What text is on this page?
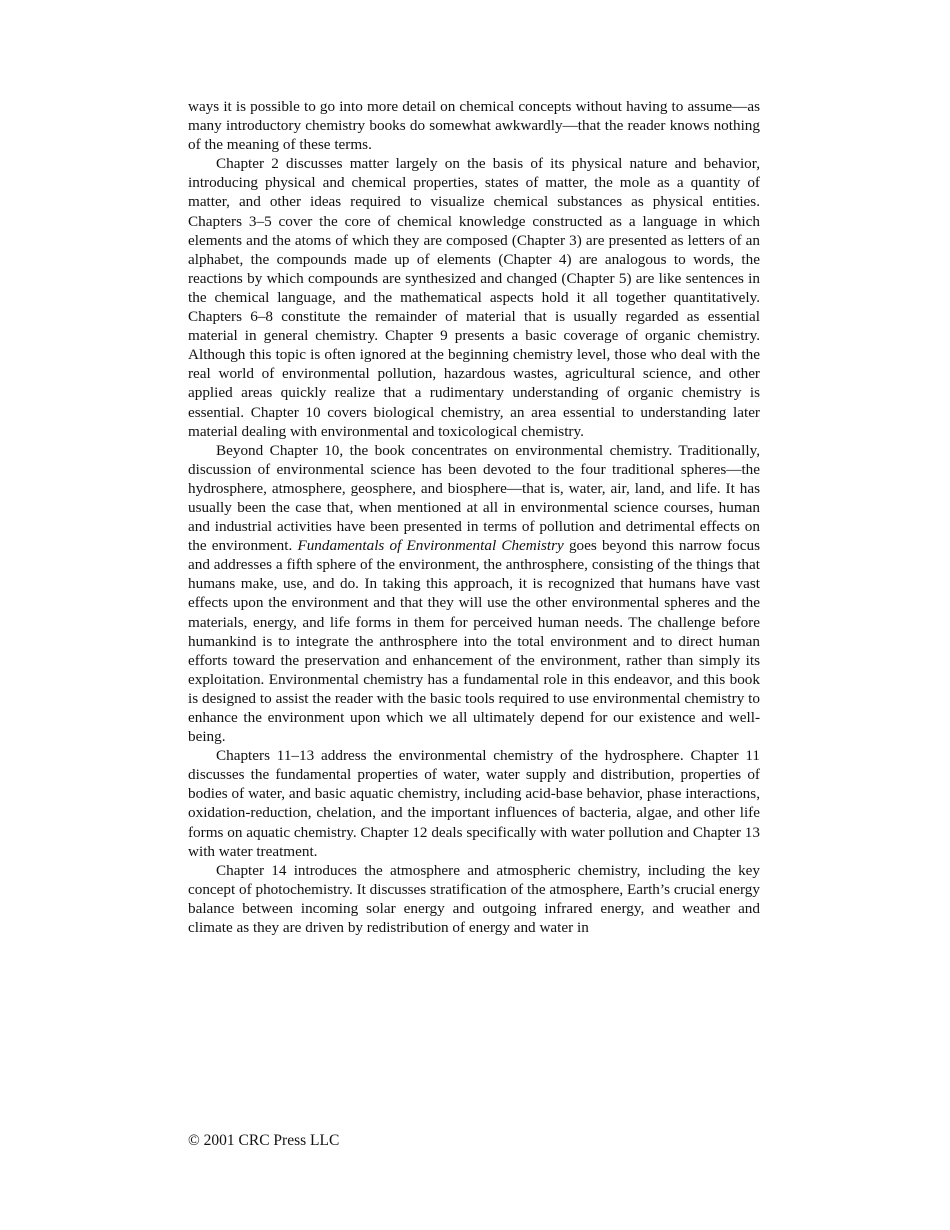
ways it is possible to go into more detail on chemical concepts without having to assume—as many introductory chemistry books do somewhat awkwardly—that the reader knows nothing of the meaning of these terms.

Chapter 2 discusses matter largely on the basis of its physical nature and behavior, introducing physical and chemical properties, states of matter, the mole as a quantity of matter, and other ideas required to visualize chemical substances as physical entities. Chapters 3–5 cover the core of chemical knowledge constructed as a language in which elements and the atoms of which they are composed (Chapter 3) are presented as letters of an alphabet, the compounds made up of elements (Chapter 4) are analogous to words, the reactions by which compounds are synthesized and changed (Chapter 5) are like sentences in the chemical language, and the mathematical aspects hold it all together quantitatively. Chapters 6–8 constitute the remainder of material that is usually regarded as essential material in general chemistry. Chapter 9 presents a basic coverage of organic chemistry. Although this topic is often ignored at the beginning chemistry level, those who deal with the real world of environmental pollution, hazardous wastes, agricultural science, and other applied areas quickly realize that a rudimentary understanding of organic chemistry is essential. Chapter 10 covers biological chemistry, an area essential to understanding later material dealing with environmental and toxicological chemistry.

Beyond Chapter 10, the book concentrates on environmental chemistry. Traditionally, discussion of environmental science has been devoted to the four traditional spheres—the hydrosphere, atmosphere, geosphere, and biosphere—that is, water, air, land, and life. It has usually been the case that, when mentioned at all in environmental science courses, human and industrial activities have been presented in terms of pollution and detrimental effects on the environment. Fundamentals of Environmental Chemistry goes beyond this narrow focus and addresses a fifth sphere of the environment, the anthrosphere, consisting of the things that humans make, use, and do. In taking this approach, it is recognized that humans have vast effects upon the environment and that they will use the other environmental spheres and the materials, energy, and life forms in them for perceived human needs. The challenge before humankind is to integrate the anthrosphere into the total environment and to direct human efforts toward the preservation and enhancement of the environment, rather than simply its exploitation. Environmental chemistry has a fundamental role in this endeavor, and this book is designed to assist the reader with the basic tools required to use environmental chemistry to enhance the environment upon which we all ultimately depend for our existence and well-being.

Chapters 11–13 address the environmental chemistry of the hydrosphere. Chapter 11 discusses the fundamental properties of water, water supply and distribution, properties of bodies of water, and basic aquatic chemistry, including acid-base behavior, phase interactions, oxidation-reduction, chelation, and the important influences of bacteria, algae, and other life forms on aquatic chemistry. Chapter 12 deals specifically with water pollution and Chapter 13 with water treatment.

Chapter 14 introduces the atmosphere and atmospheric chemistry, including the key concept of photochemistry. It discusses stratification of the atmosphere, Earth’s crucial energy balance between incoming solar energy and outgoing infrared energy, and weather and climate as they are driven by redistribution of energy and water in

© 2001 CRC Press LLC
